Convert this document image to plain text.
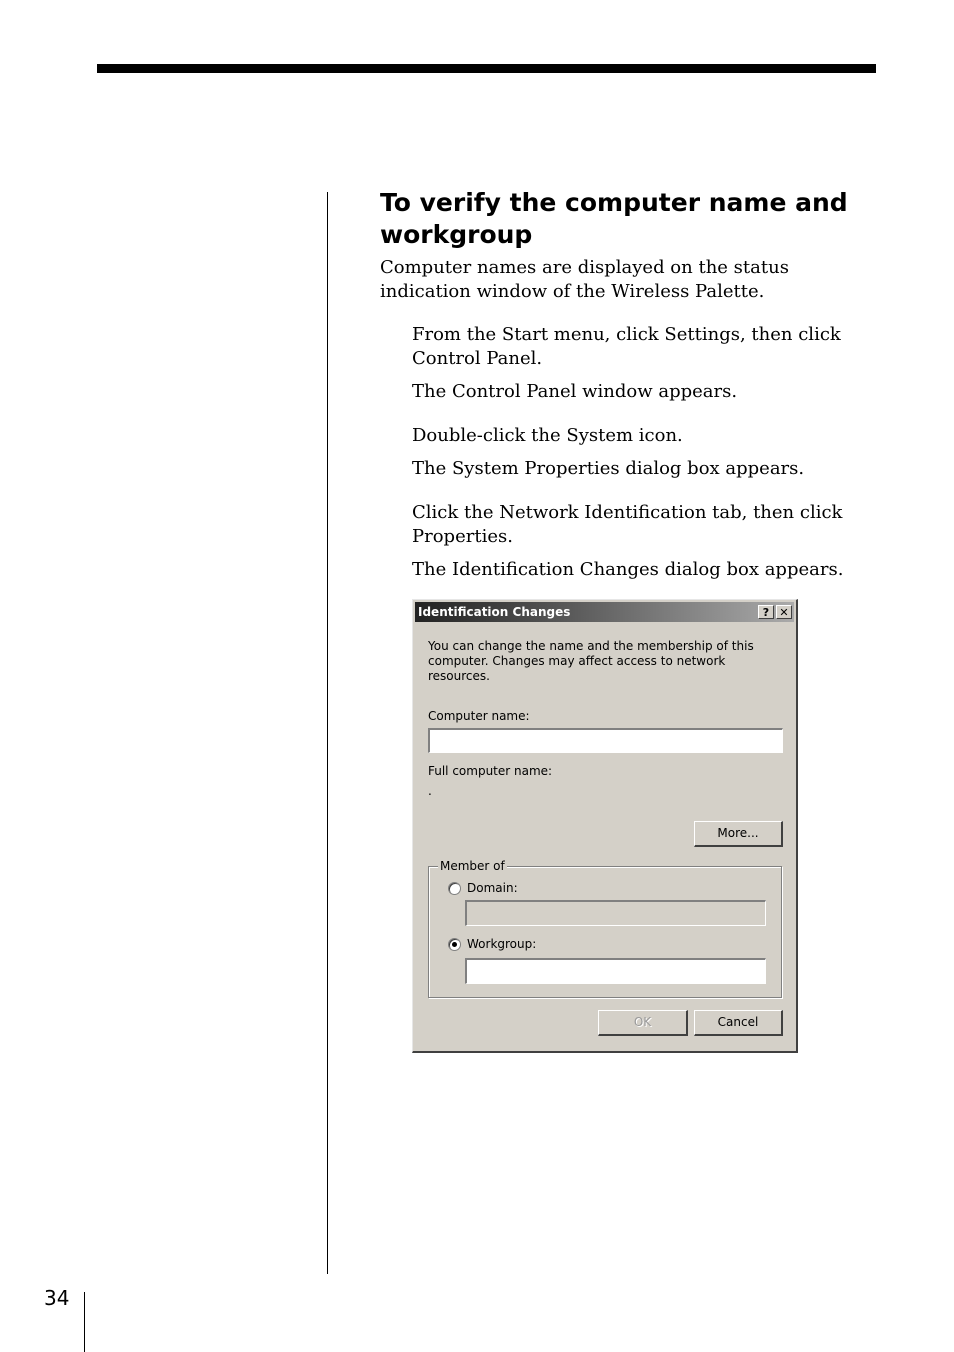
34
To verify the computer name and workgroup
Computer names are displayed on the status indication window of the Wireless Palette.
From the Start menu, click Settings, then click Control Panel.
The Control Panel window appears.
Double-click the System icon.
The System Properties dialog box appears.
Click the Network Identification tab, then click Properties.
The Identification Changes dialog box appears.
Identification Changes	? ✕
You can change the name and the membership of this computer. Changes may affect access to network resources.
Computer name:
Full computer name:
.
More...
Member of
Domain:
Workgroup:
OK	Cancel
